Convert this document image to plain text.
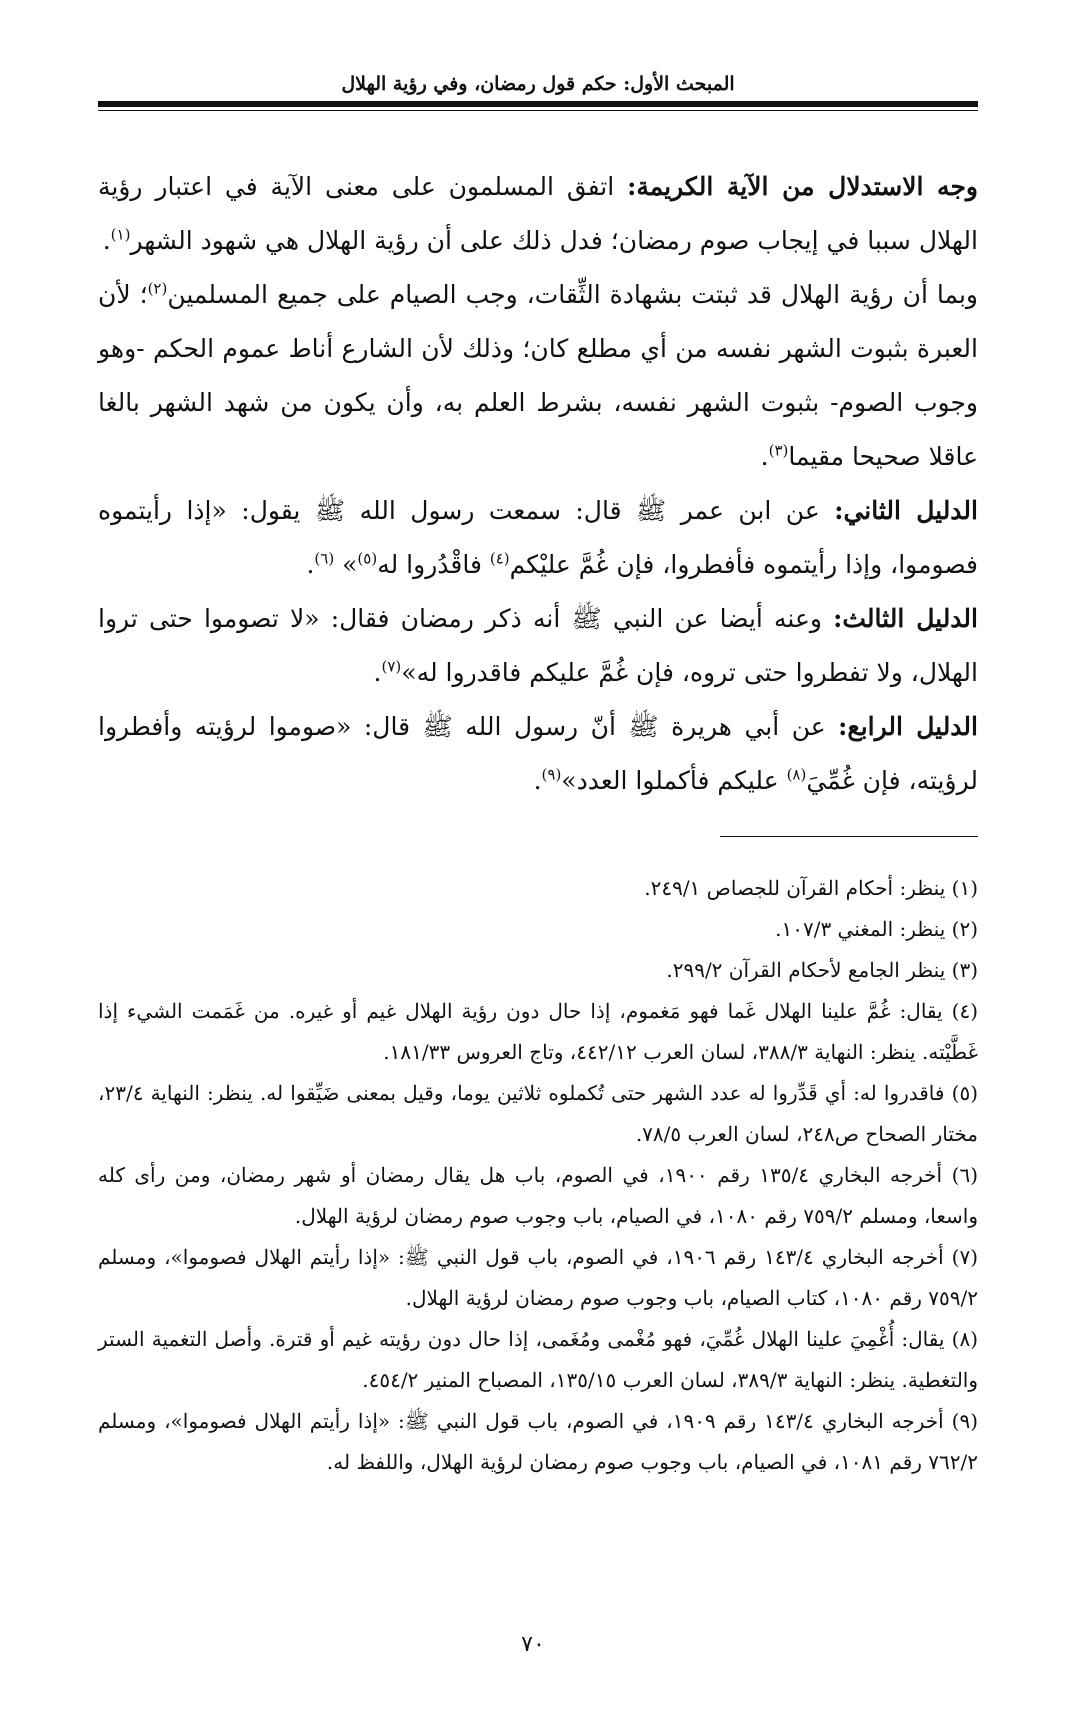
المبحث الأول: حكم قول رمضان، وفي رؤية الهلال

وجه الاستدلال من الآية الكريمة: اتفق المسلمون على معنى الآية في اعتبار رؤية الهلال سببا في إيجاب صوم رمضان؛ فدل ذلك على أن رؤية الهلال هي شهود الشهر$^{(١)}$.

وبما أن رؤية الهلال قد ثبتت بشهادة الثِّقات، وجب الصيام على جميع المسلمين$^{(٢)}$؛ لأن العبرة بثبوت الشهر نفسه من أي مطلع كان؛ وذلك لأن الشارع أناط عموم الحكم -وهو وجوب الصوم- بثبوت الشهر نفسه، بشرط العلم به، وأن يكون من شهد الشهر بالغا عاقلا صحيحا مقيما$^{(٣)}$.

الدليل الثاني: عن ابن عمر ﷺ قال: سمعت رسول الله ﷺ يقول: «إذا رأيتموه فصوموا، وإذا رأيتموه فأفطروا، فإن غُمَّ عليْكم$^{(٤)}$ فاقْدُروا له$^{(٥)}$» $^{(٦)}$.

الدليل الثالث: وعنه أيضا عن النبي ﷺ أنه ذكر رمضان فقال: «لا تصوموا حتى تروا الهلال، ولا تفطروا حتى تروه، فإن غُمَّ عليكم فاقدروا له»$^{(٧)}$.

الدليل الرابع: عن أبي هريرة ﷺ أنّ رسول الله ﷺ قال: «صوموا لرؤيته وأفطروا لرؤيته، فإن غُمِّيَ$^{(٨)}$ عليكم فأكملوا العدد»$^{(٩)}$.

(١) ينظر: أحكام القرآن للجصاص ٢٤٩/١.

(٢) ينظر: المغني ١٠٧/٣.

(٣) ينظر الجامع لأحكام القرآن ٢٩٩/٢.

(٤) يقال: غُمَّ علينا الهلال غَما فهو مَغموم، إذا حال دون رؤية الهلال غيم أو غيره. من غَمَمت الشيء إذا غَطَّيْته. ينظر: النهاية ٣٨٨/٣، لسان العرب ٤٤٢/١٢، وتاج العروس ١٨١/٣٣.

(٥) فاقدروا له: أي قَدِّروا له عدد الشهر حتى تُكملوه ثلاثين يوما، وقيل بمعنى ضَيِّقوا له. ينظر: النهاية ٢٣/٤، مختار الصحاح ص٢٤٨، لسان العرب ٧٨/٥.

(٦) أخرجه البخاري ١٣٥/٤ رقم ١٩٠٠، في الصوم، باب هل يقال رمضان أو شهر رمضان، ومن رأى كله واسعا، ومسلم ٧٥٩/٢ رقم ١٠٨٠، في الصيام، باب وجوب صوم رمضان لرؤية الهلال.

(٧) أخرجه البخاري ١٤٣/٤ رقم ١٩٠٦، في الصوم، باب قول النبي ﷺ: «إذا رأيتم الهلال فصوموا»، ومسلم ٧٥٩/٢ رقم ١٠٨٠، كتاب الصيام، باب وجوب صوم رمضان لرؤية الهلال.

(٨) يقال: أُغْمِيَ علينا الهلال غُمِّيَ، فهو مُغْمى ومُغَمى، إذا حال دون رؤيته غيم أو قترة. وأصل التغمية الستر والتغطية. ينظر: النهاية ٣٨٩/٣، لسان العرب ١٣٥/١٥، المصباح المنير ٤٥٤/٢.

(٩) أخرجه البخاري ١٤٣/٤ رقم ١٩٠٩، في الصوم، باب قول النبي ﷺ: «إذا رأيتم الهلال فصوموا»، ومسلم ٧٦٢/٢ رقم ١٠٨١، في الصيام، باب وجوب صوم رمضان لرؤية الهلال، واللفظ له.

٧٠
